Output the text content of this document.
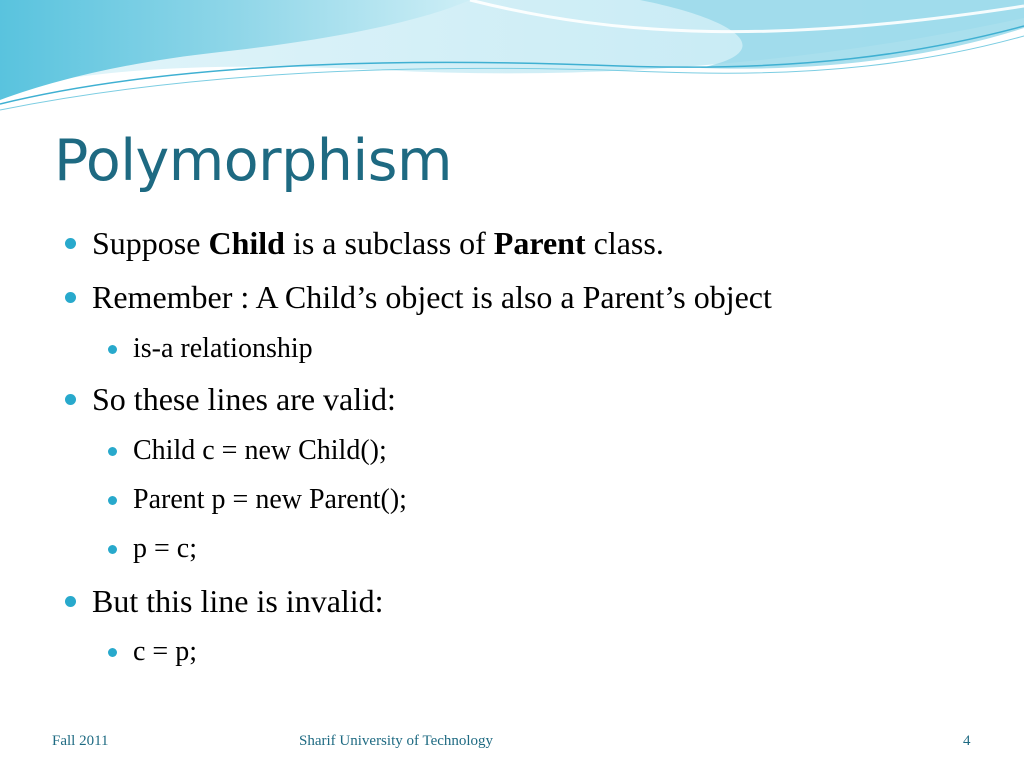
Polymorphism
Suppose Child is a subclass of Parent class.
Remember : A Child’s object is also a Parent’s object
is-a relationship
So these lines are valid:
Child c = new Child();
Parent p = new Parent();
p = c;
But this line is invalid:
c = p;
Fall 2011	Sharif University of Technology	4
